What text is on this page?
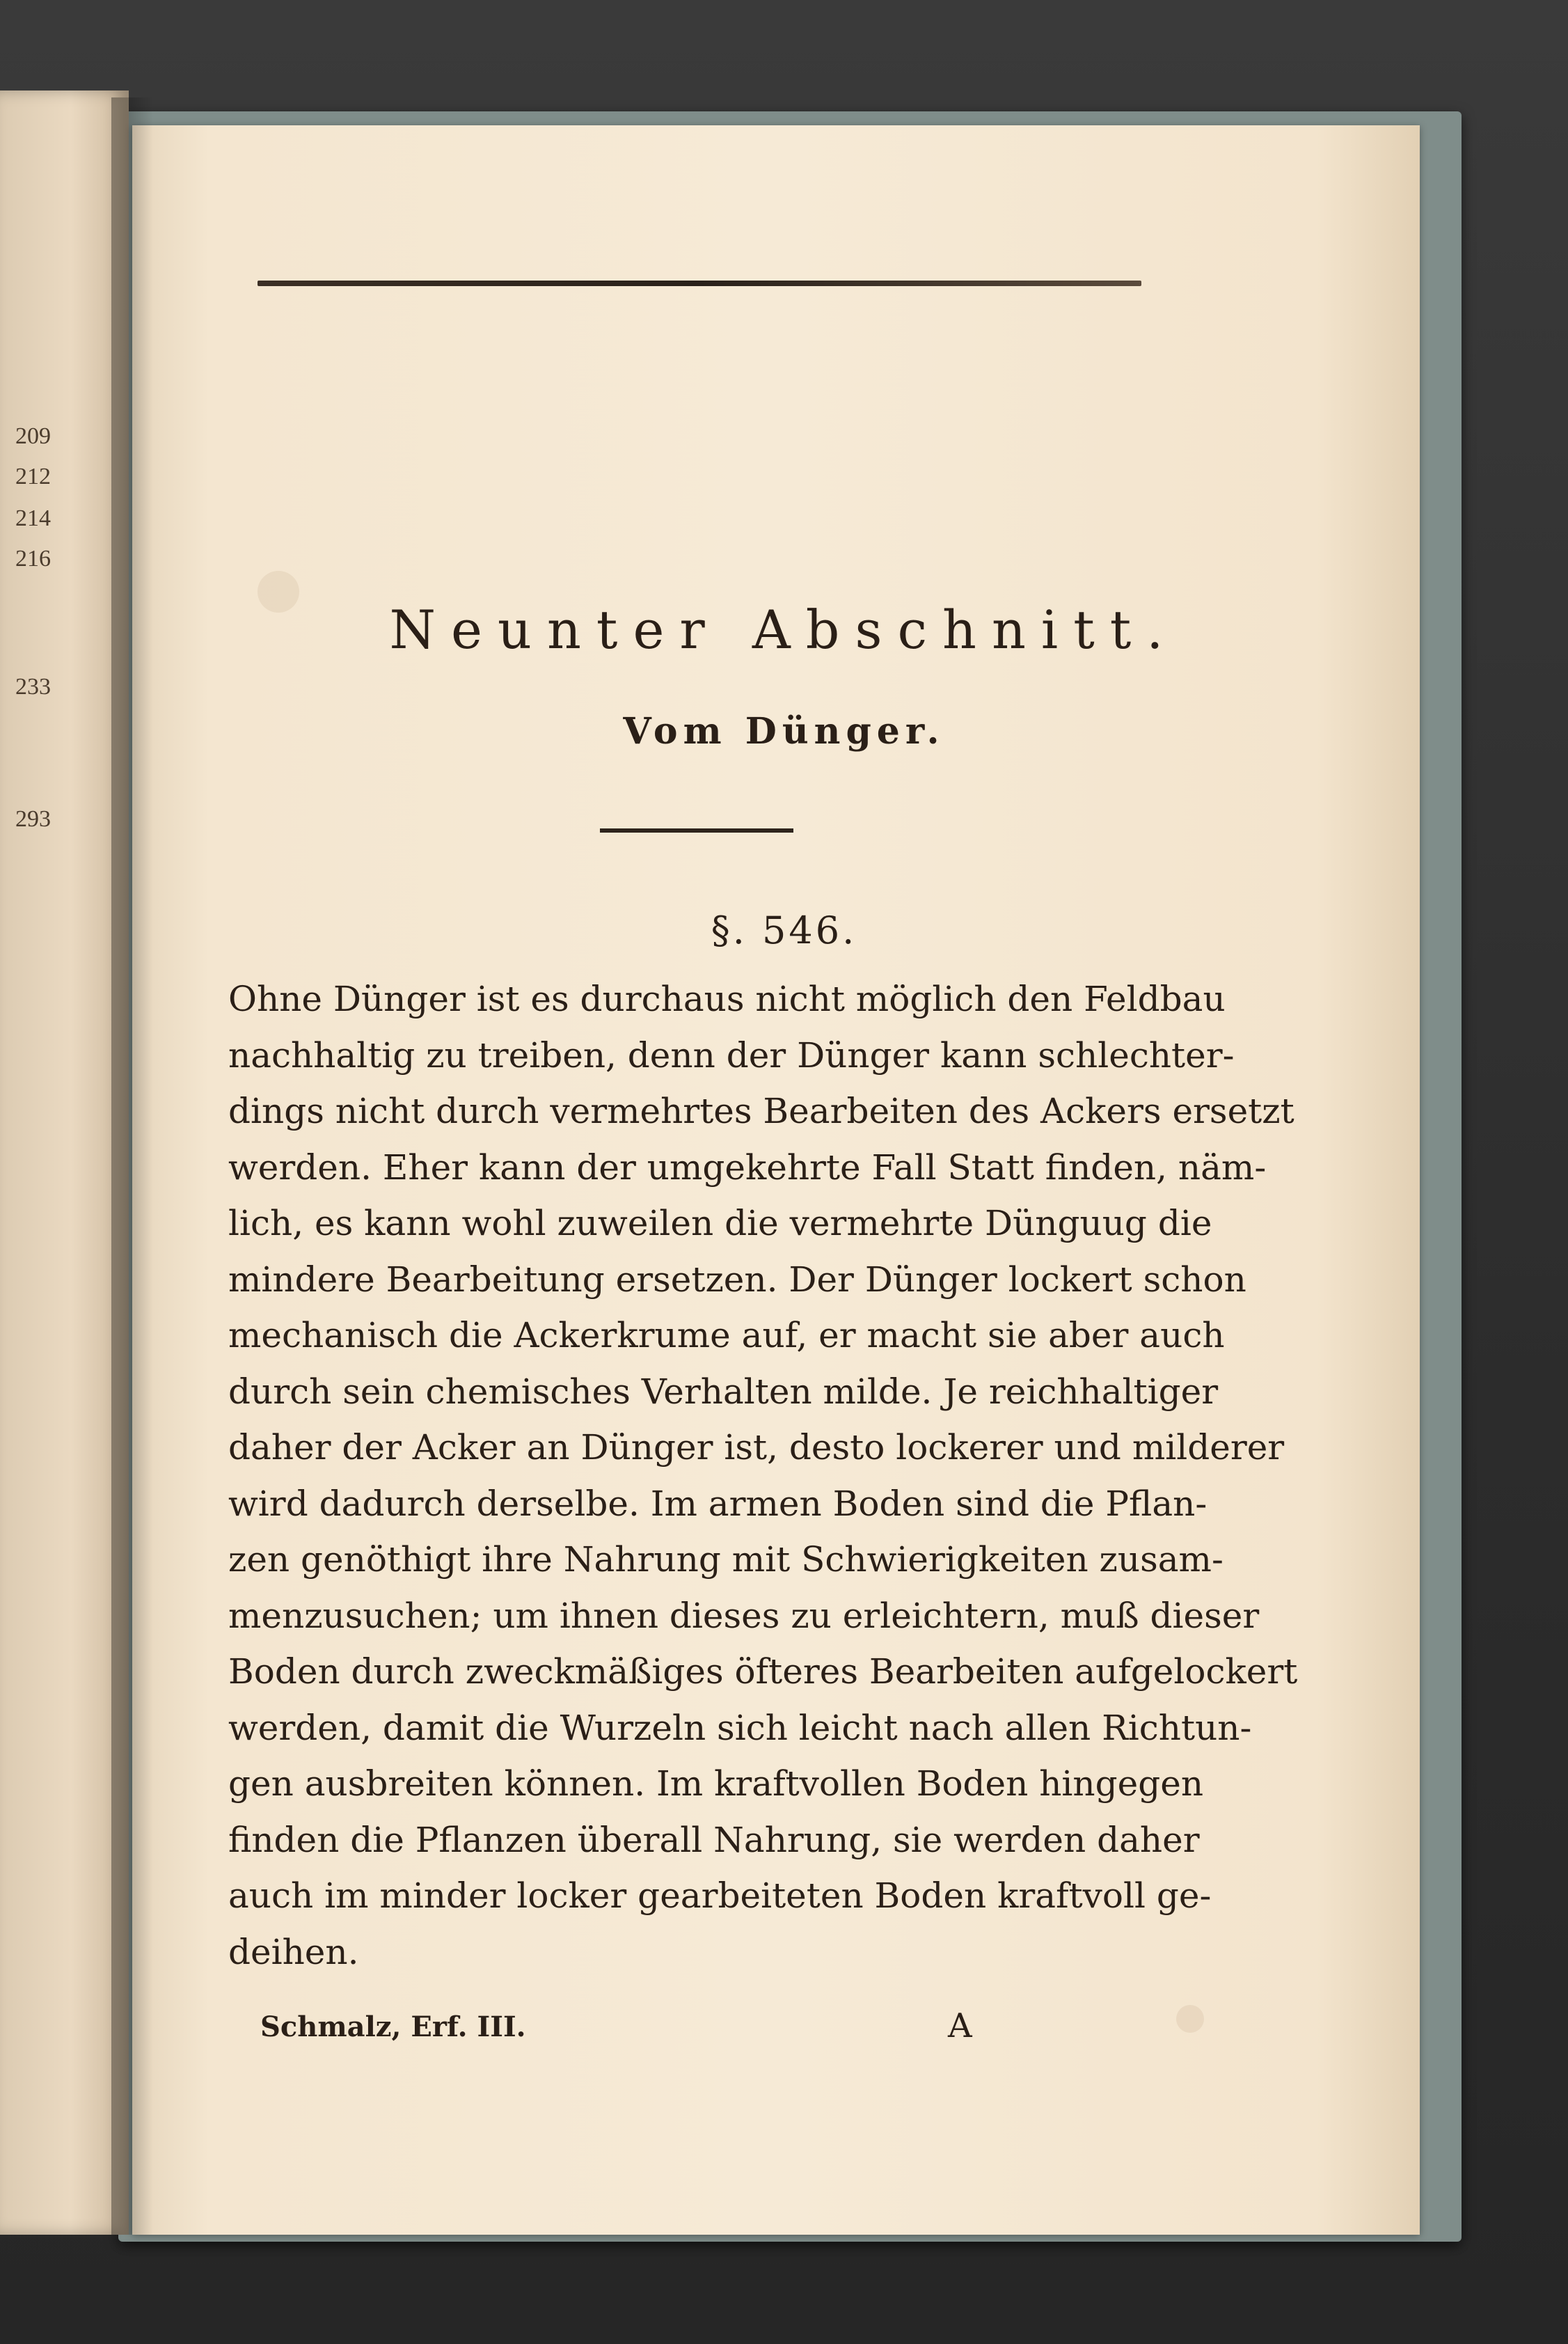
209
212
214
216
233
293
Neunter Abschnitt.
Vom Dünger.
§. 546.
Ohne Dünger ist es durchaus nicht möglich den Feldbau
nachhaltig zu treiben, denn der Dünger kann schlechter-
dings nicht durch vermehrtes Bearbeiten des Ackers ersetzt
werden. Eher kann der umgekehrte Fall Statt finden, näm-
lich, es kann wohl zuweilen die vermehrte Dünguug die
mindere Bearbeitung ersetzen. Der Dünger lockert schon
mechanisch die Ackerkrume auf, er macht sie aber auch
durch sein chemisches Verhalten milde. Je reichhaltiger
daher der Acker an Dünger ist, desto lockerer und milderer
wird dadurch derselbe. Im armen Boden sind die Pflan-
zen genöthigt ihre Nahrung mit Schwierigkeiten zusam-
menzusuchen; um ihnen dieses zu erleichtern, muß dieser
Boden durch zweckmäßiges öfteres Bearbeiten aufgelockert
werden, damit die Wurzeln sich leicht nach allen Richtun-
gen ausbreiten können. Im kraftvollen Boden hingegen
finden die Pflanzen überall Nahrung, sie werden daher
auch im minder locker gearbeiteten Boden kraftvoll ge-
deihen.
Schmalz, Erf. III.	A
